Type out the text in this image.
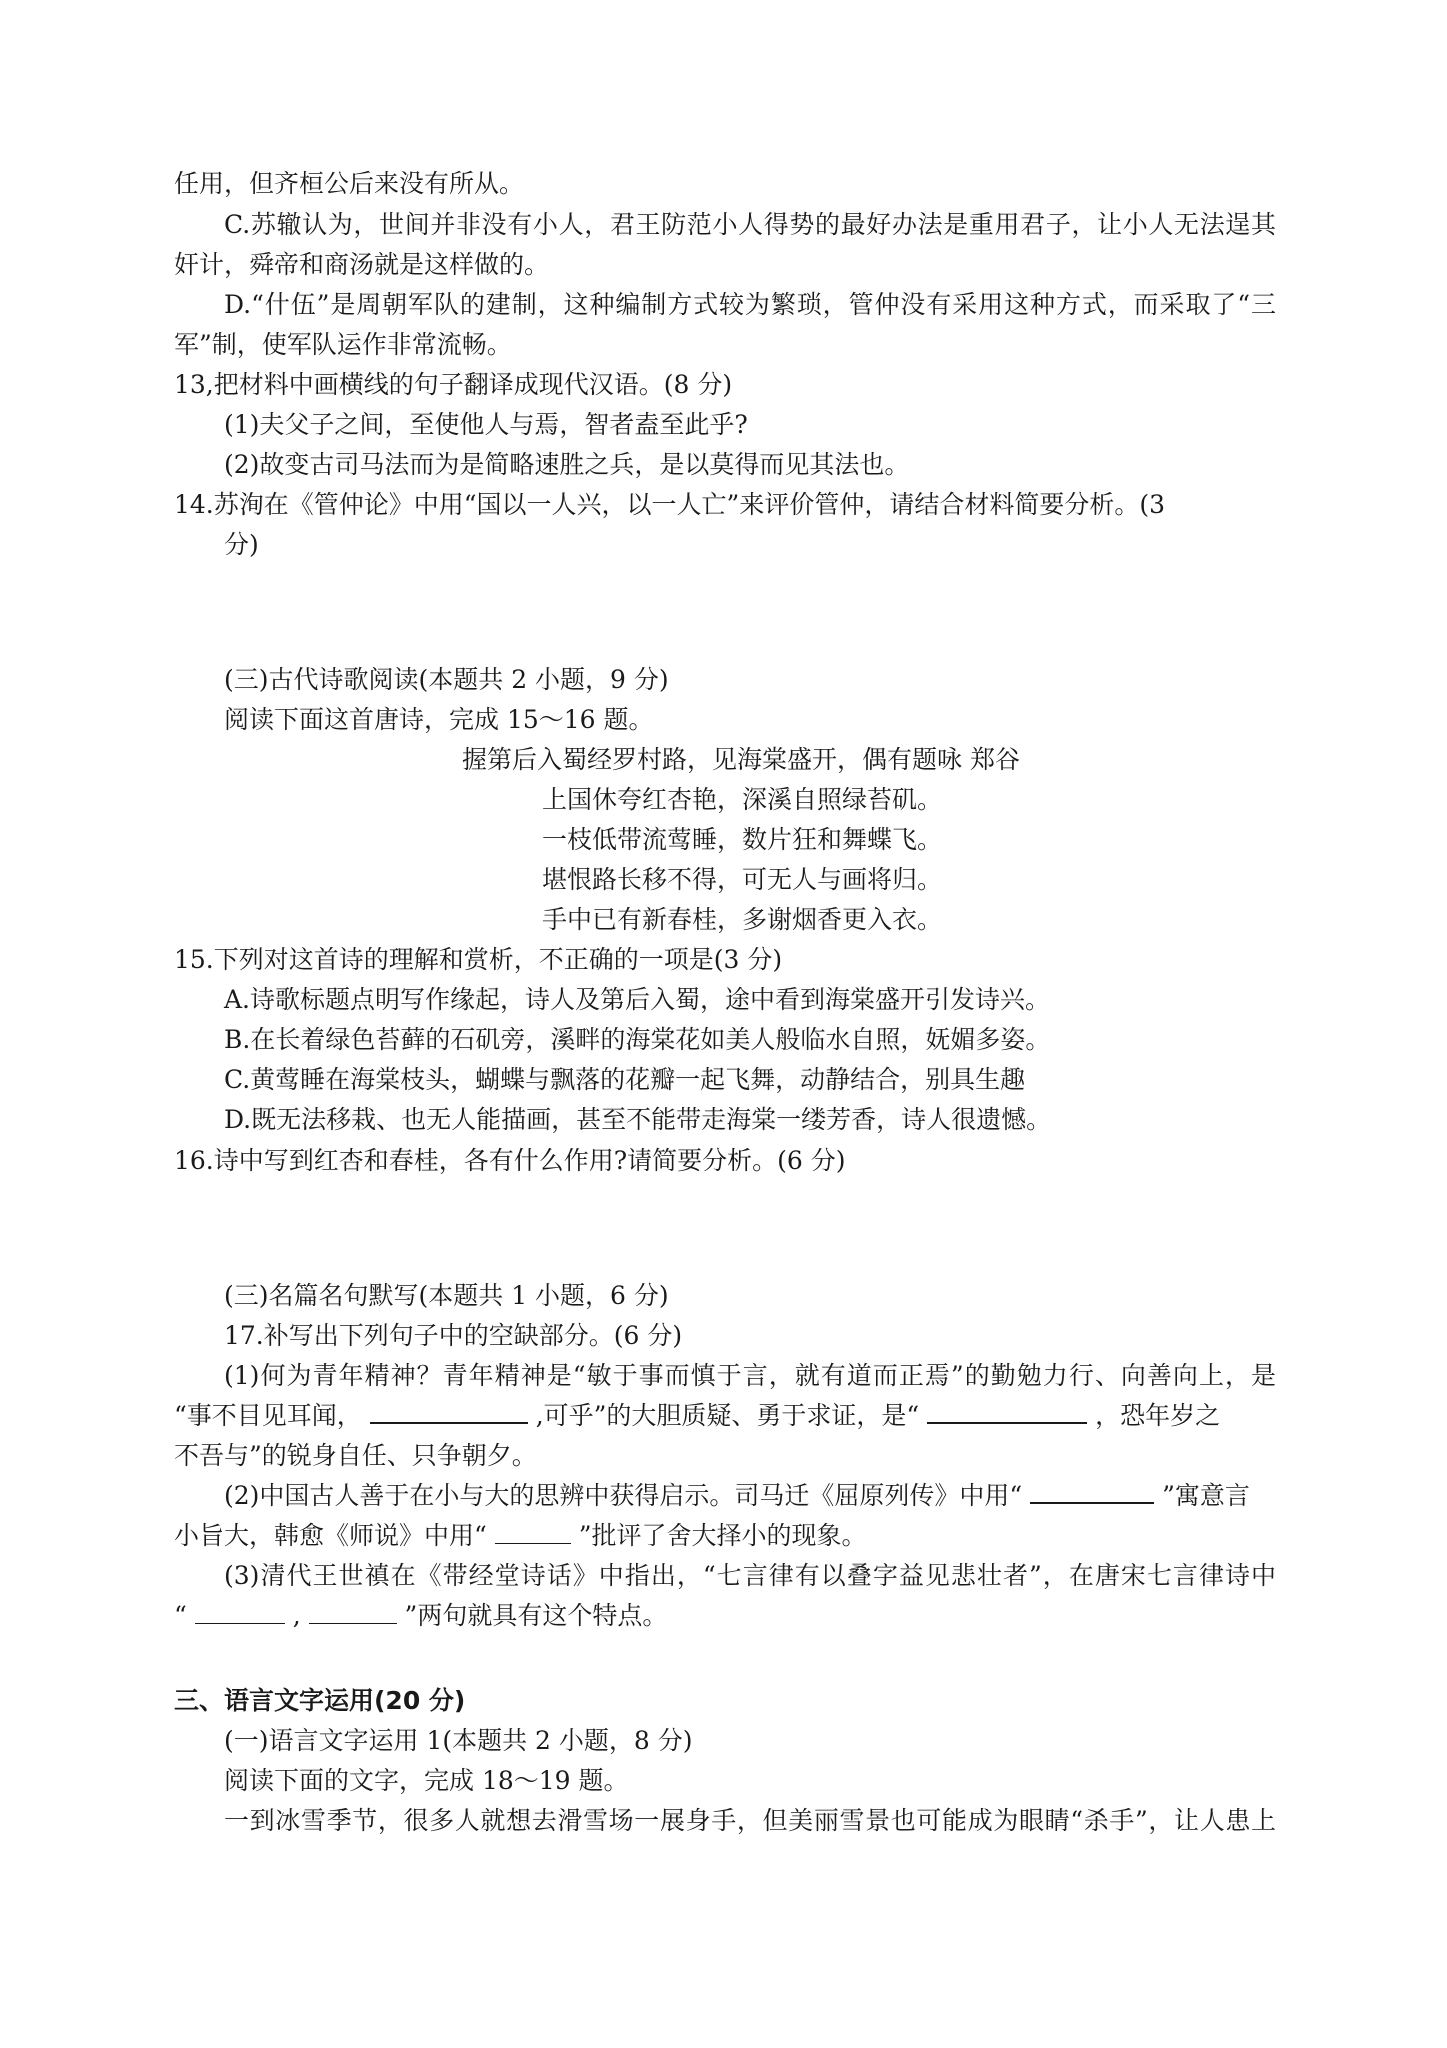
任用，但齐桓公后来没有所从。
C.苏辙认为，世间并非没有小人，君王防范小人得势的最好办法是重用君子，让小人无法逞其
奸计，舜帝和商汤就是这样做的。
D.“什伍”是周朝军队的建制，这种编制方式较为繁琐，管仲没有采用这种方式，而采取了“三
军”制，使军队运作非常流畅。
13,把材料中画横线的句子翻译成现代汉语。(8 分)
(1)夫父子之间，至使他人与焉，智者盍至此乎?
(2)故变古司马法而为是简略速胜之兵，是以莫得而见其法也。
14.苏洵在《管仲论》中用“国以一人兴，以一人亡”来评价管仲，请结合材料简要分析。(3
分)
(三)古代诗歌阅读(本题共 2 小题，9 分)
阅读下面这首唐诗，完成 15～16 题。
握第后入蜀经罗村路，见海棠盛开，偶有题咏 郑谷
上国休夸红杏艳，深溪自照绿苔矶。
一枝低带流莺睡，数片狂和舞蝶飞。
堪恨路长移不得，可无人与画将归。
手中已有新春桂，多谢烟香更入衣。
15.下列对这首诗的理解和赏析，不正确的一项是(3 分)
A.诗歌标题点明写作缘起，诗人及第后入蜀，途中看到海棠盛开引发诗兴。
B.在长着绿色苔藓的石矶旁，溪畔的海棠花如美人般临水自照，妩媚多姿。
C.黄莺睡在海棠枝头，蝴蝶与飘落的花瓣一起飞舞，动静结合，别具生趣
D.既无法移栽、也无人能描画，甚至不能带走海棠一缕芳香，诗人很遗憾。
16.诗中写到红杏和春桂，各有什么作用?请简要分析。(6 分)
(三)名篇名句默写(本题共 1 小题，6 分)
17.补写出下列句子中的空缺部分。(6 分)
(1)何为青年精神？青年精神是“敏于事而慎于言，就有道而正焉”的勤勉力行、向善向上，是
“事不目见耳闻，	,可乎”的大胆质疑、勇于求证，是“	，恐年岁之
不吾与”的锐身自任、只争朝夕。
(2)中国古人善于在小与大的思辨中获得启示。司马迁《屈原列传》中用“	”寓意言
小旨大，韩愈《师说》中用“	”批评了舍大择小的现象。
(3)清代王世禛在《带经堂诗话》中指出，“七言律有以叠字益见悲壮者”，在唐宋七言律诗中
“	,	”两句就具有这个特点。
三、语言文字运用(20 分)
(一)语言文字运用 1(本题共 2 小题，8 分)
阅读下面的文字，完成 18～19 题。
一到冰雪季节，很多人就想去滑雪场一展身手，但美丽雪景也可能成为眼睛“杀手”，让人患上
